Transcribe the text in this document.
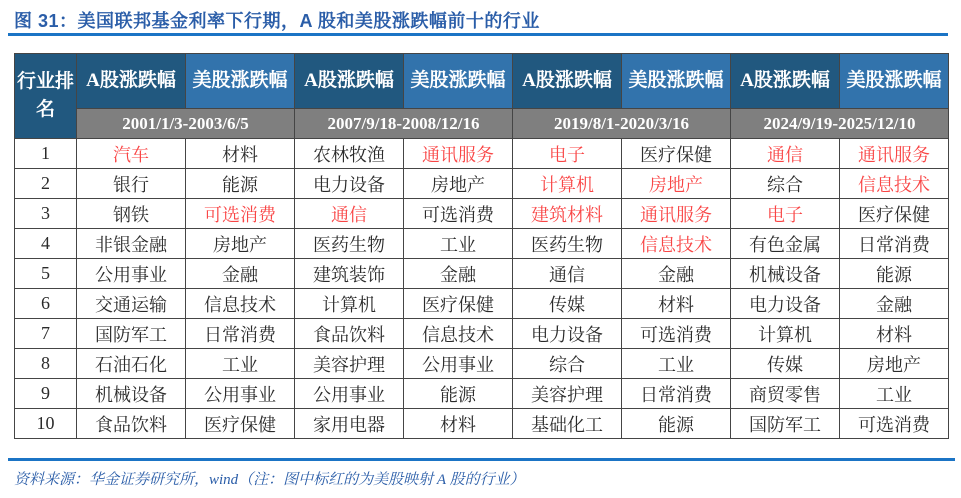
图 31：美国联邦基金利率下行期，A 股和美股涨跌幅前十的行业
行业排名	A股涨跌幅	美股涨跌幅	A股涨跌幅	美股涨跌幅	A股涨跌幅	美股涨跌幅	A股涨跌幅	美股涨跌幅
	2001/1/3-2003/6/5		2007/9/18-2008/12/16		2019/8/1-2020/3/16		2024/9/19-2025/12/10	
1	汽车	材料	农林牧渔	通讯服务	电子	医疗保健	通信	通讯服务
2	银行	能源	电力设备	房地产	计算机	房地产	综合	信息技术
3	钢铁	可选消费	通信	可选消费	建筑材料	通讯服务	电子	医疗保健
4	非银金融	房地产	医药生物	工业	医药生物	信息技术	有色金属	日常消费
5	公用事业	金融	建筑装饰	金融	通信	金融	机械设备	能源
6	交通运输	信息技术	计算机	医疗保健	传媒	材料	电力设备	金融
7	国防军工	日常消费	食品饮料	信息技术	电力设备	可选消费	计算机	材料
8	石油石化	工业	美容护理	公用事业	综合	工业	传媒	房地产
9	机械设备	公用事业	公用事业	能源	美容护理	日常消费	商贸零售	工业
10	食品饮料	医疗保健	家用电器	材料	基础化工	能源	国防军工	可选消费
资料来源：华金证券研究所，wind（注：图中标红的为美股映射 A 股的行业）
